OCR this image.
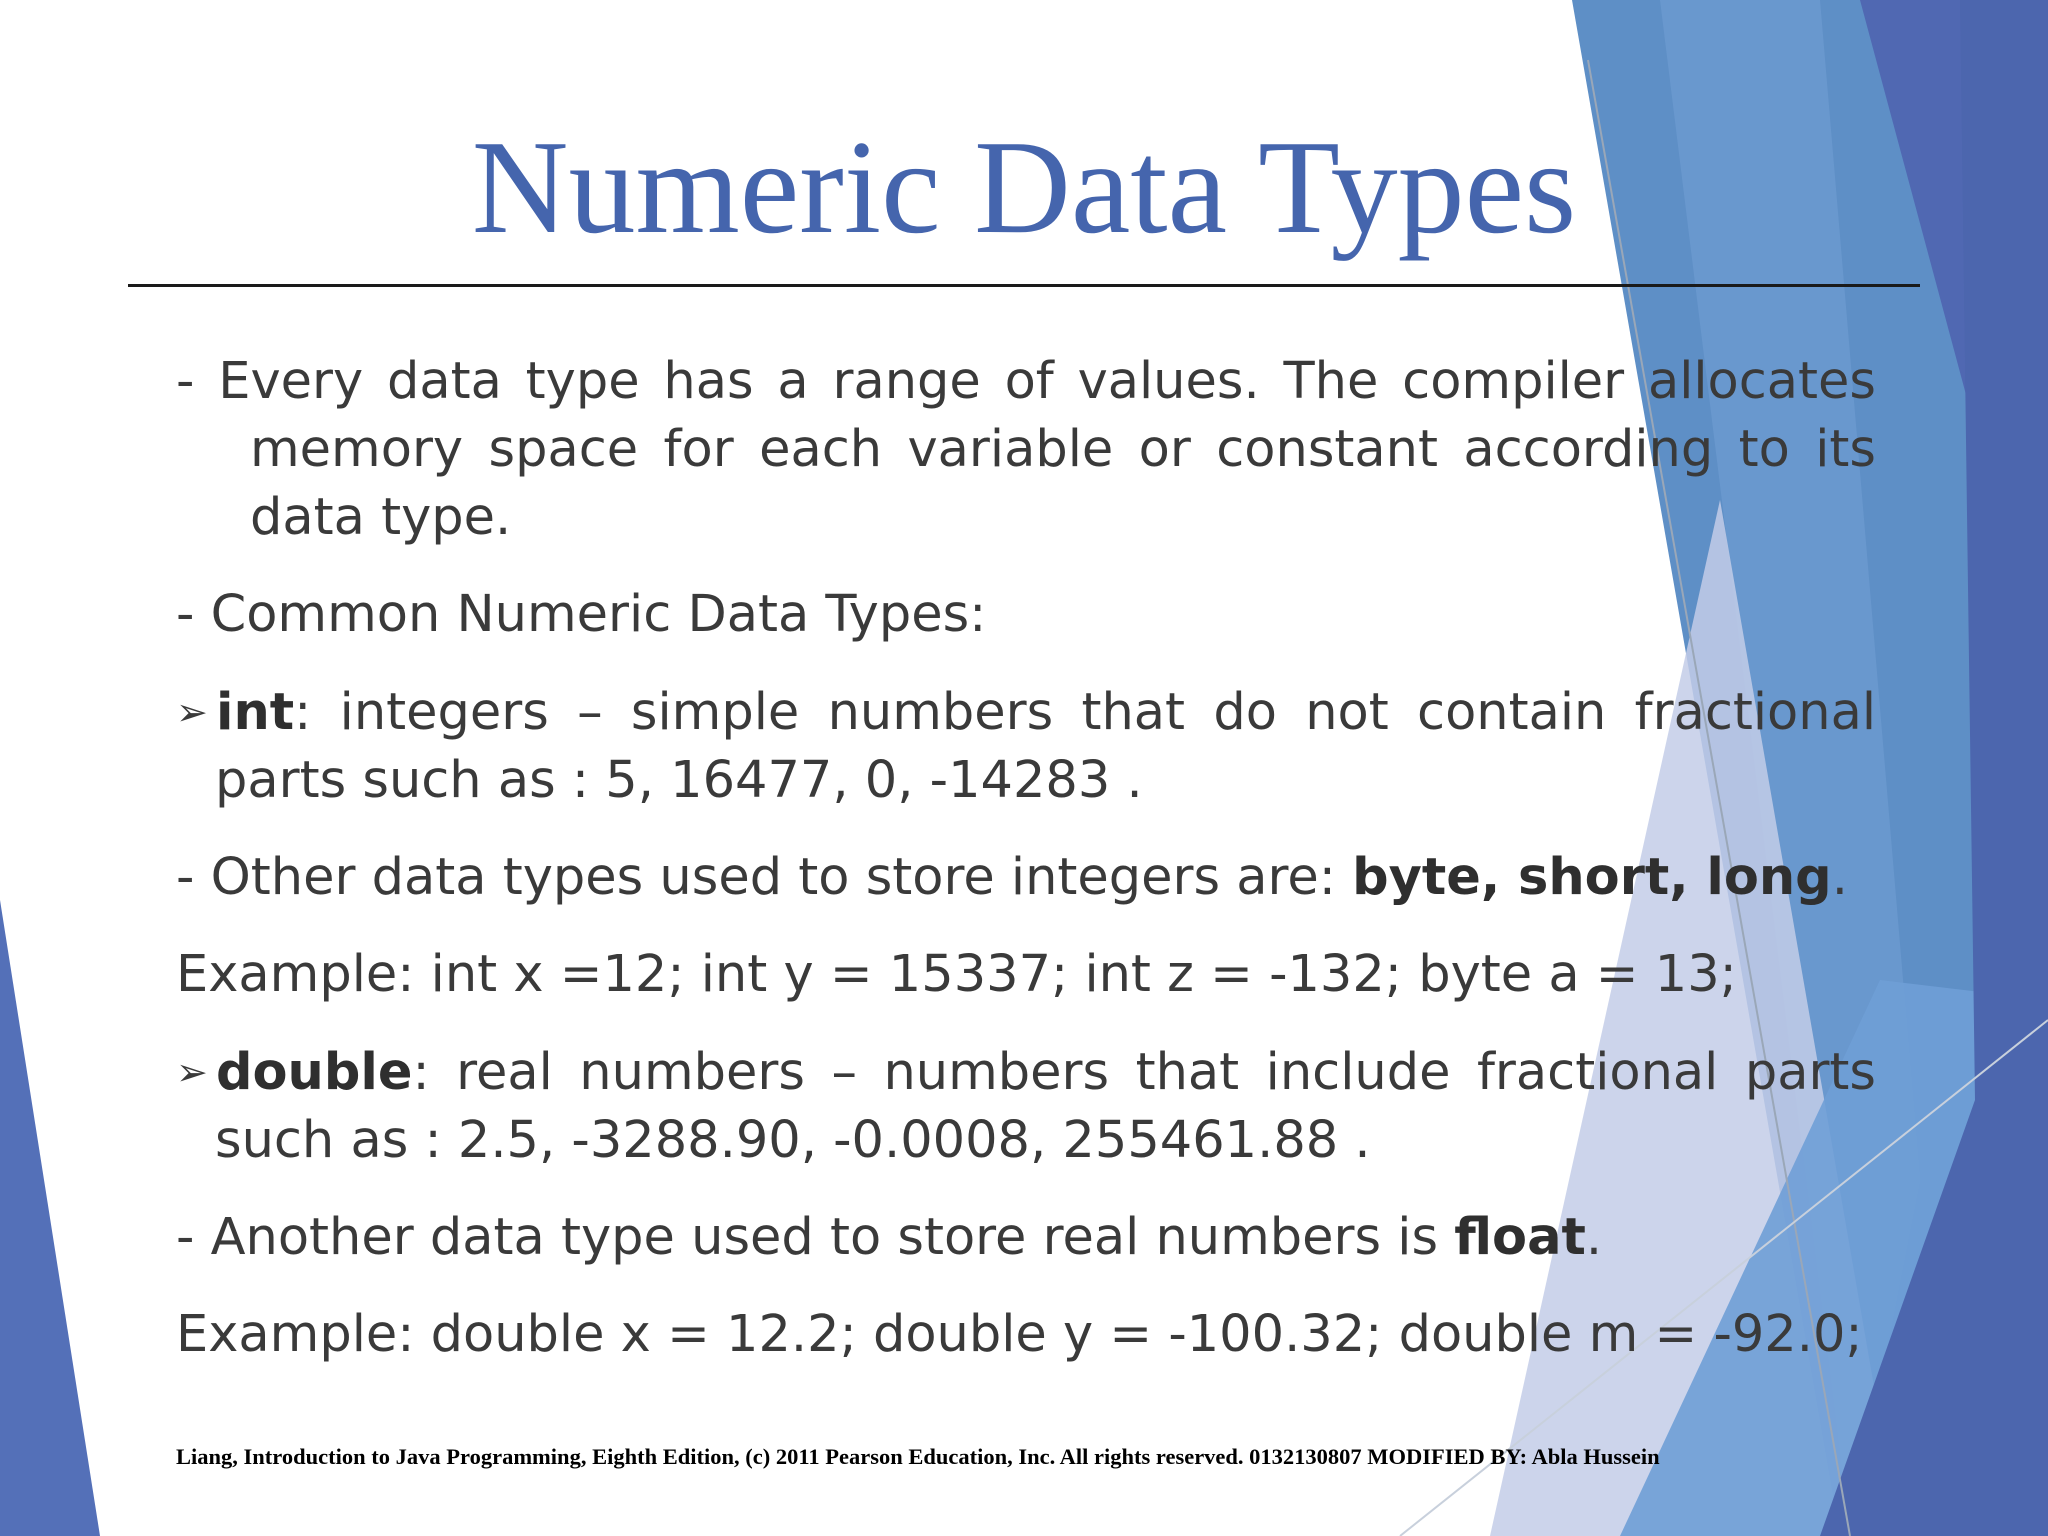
Numeric Data Types

- Every data type has a range of values. The compiler allocates memory space for each variable or constant according to its data type.

- Common Numeric Data Types:

➢ int: integers – simple numbers that do not contain fractional parts such as : 5, 16477, 0, -14283 .

- Other data types used to store integers are: byte, short, long.

Example: int x =12; int y = 15337; int z = -132; byte a = 13;

➢ double: real numbers – numbers that include fractional parts such as : 2.5, -3288.90, -0.0008, 255461.88 .

- Another data type used to store real numbers is float.

Example: double x = 12.2; double y = -100.32; double m = -92.0;

Liang, Introduction to Java Programming, Eighth Edition, (c) 2011 Pearson Education, Inc. All rights reserved. 0132130807 MODIFIED BY: Abla Hussein
